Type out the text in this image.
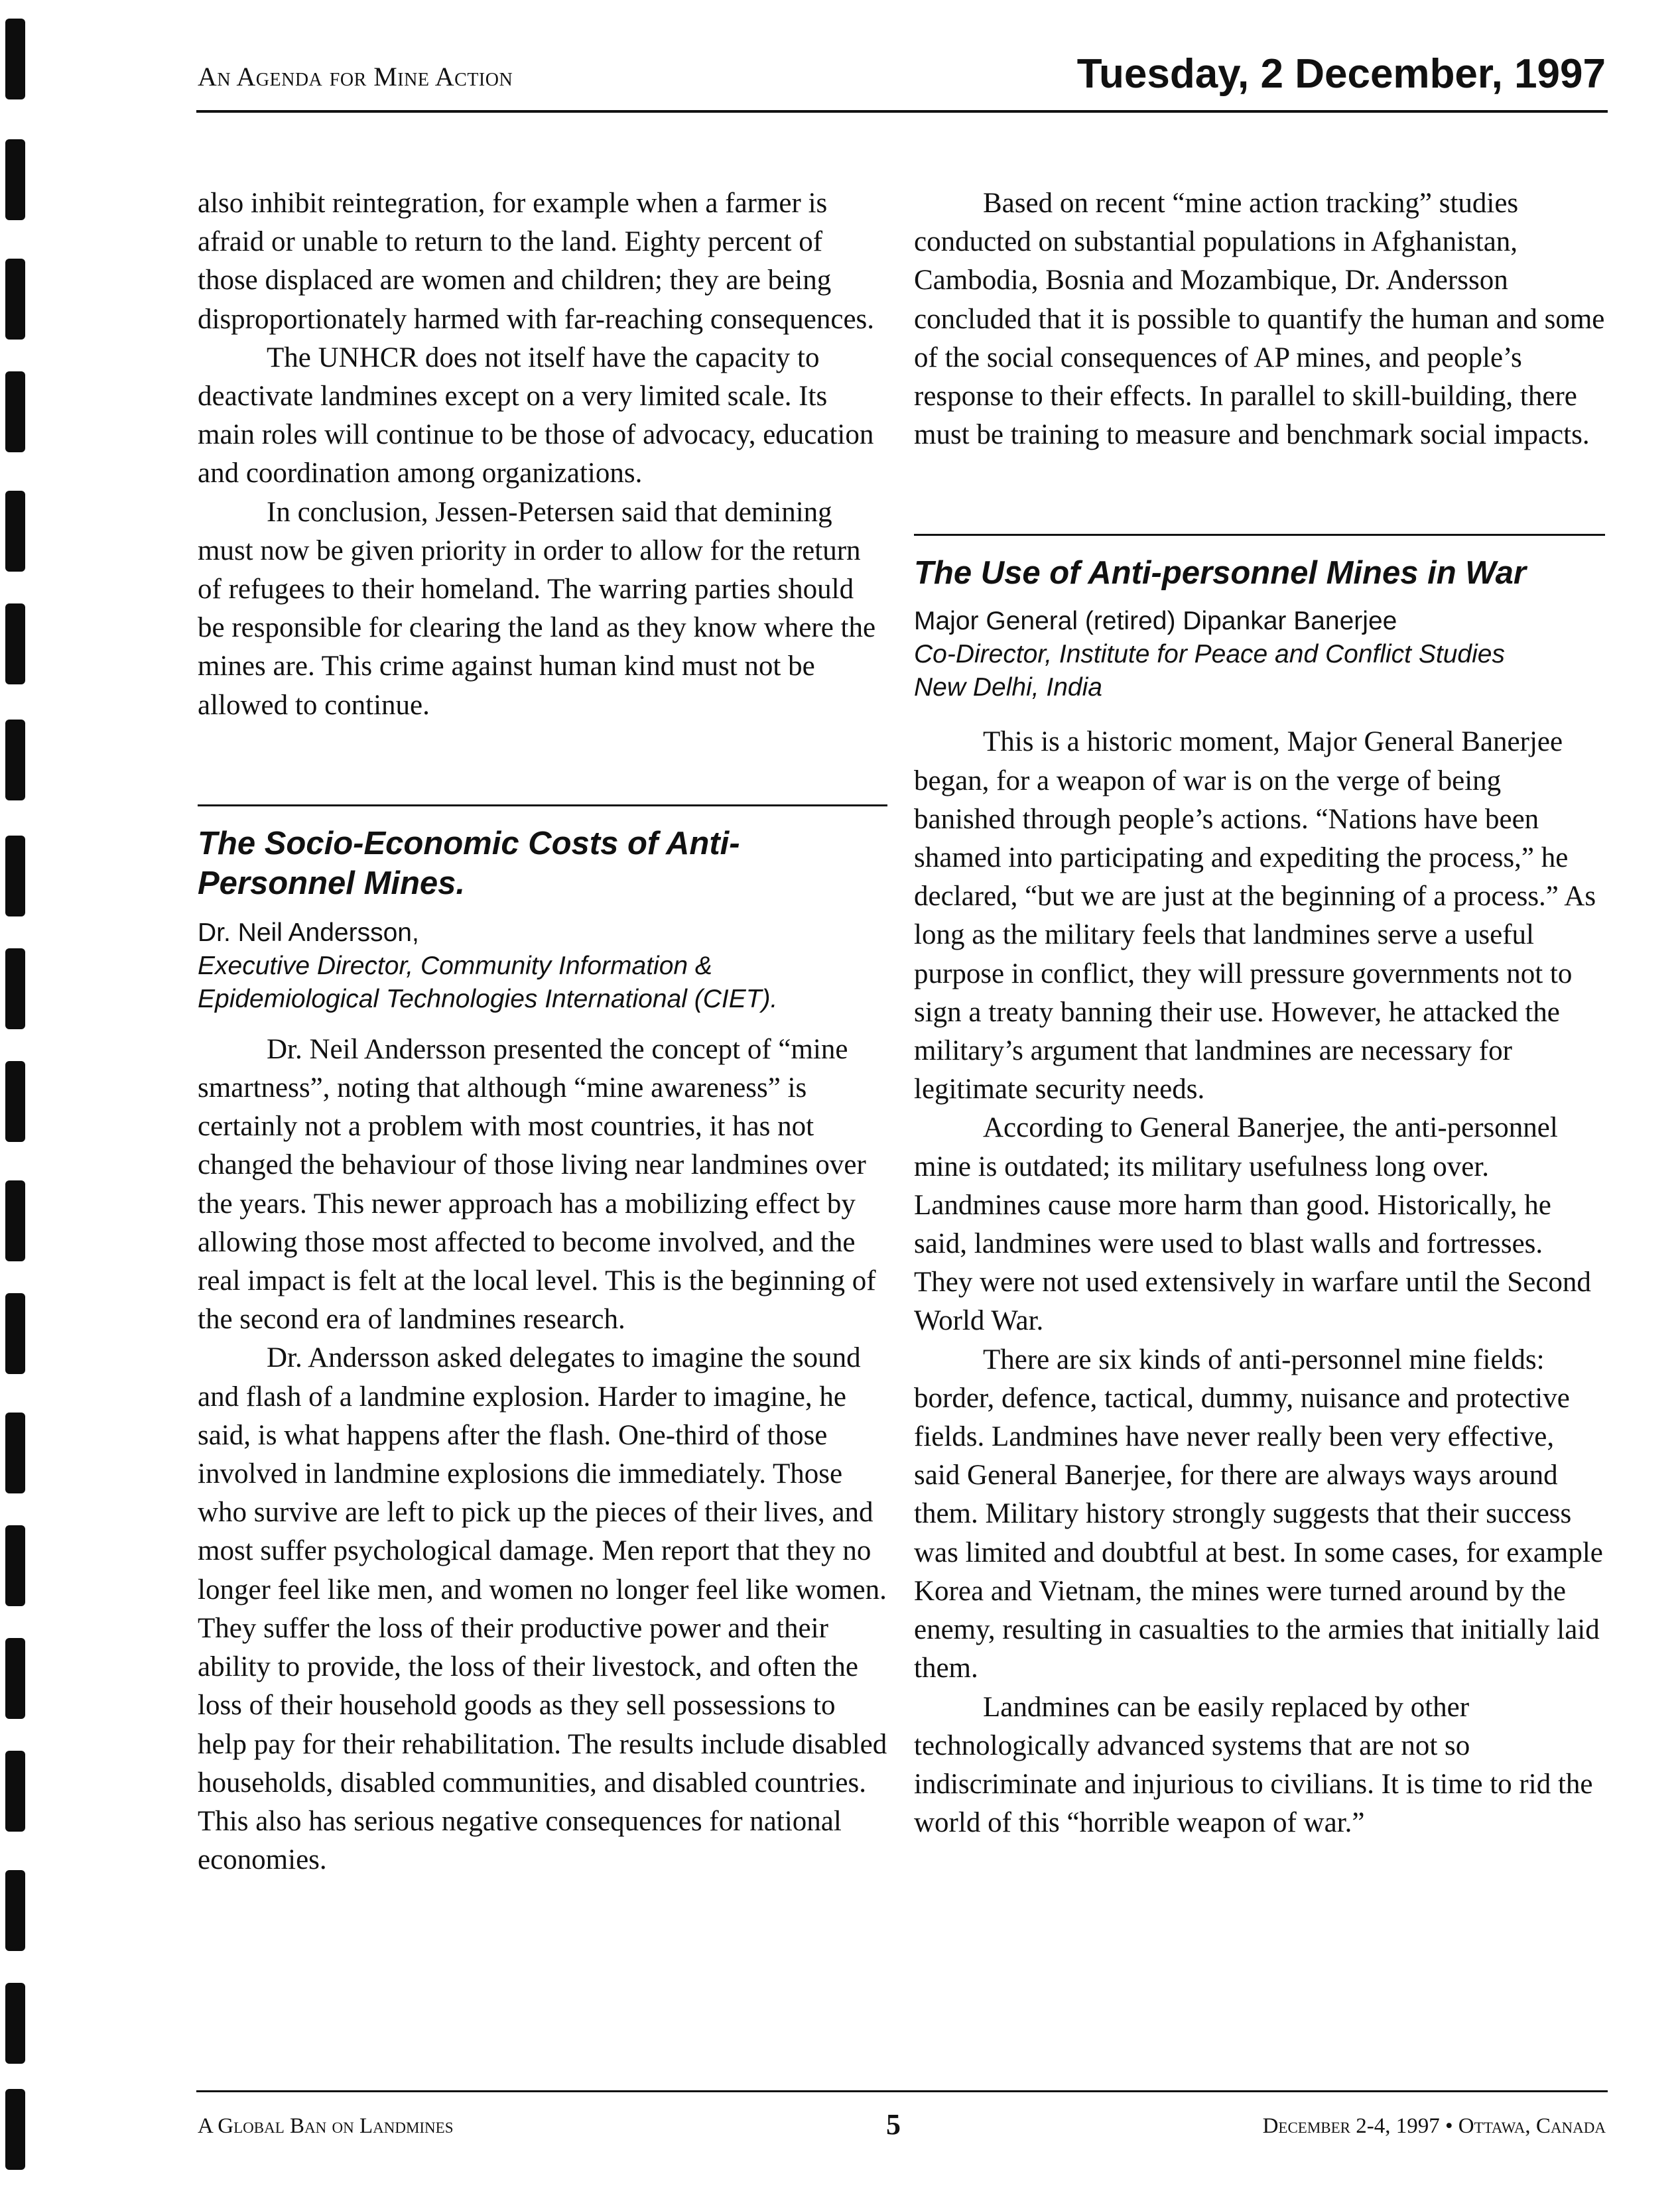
An Agenda for Mine Action	Tuesday, 2 December, 1997

also inhibit reintegration, for example when a farmer is afraid or unable to return to the land. Eighty percent of those displaced are women and children; they are being disproportionately harmed with far-reaching consequences.

The UNHCR does not itself have the capacity to deactivate landmines except on a very limited scale. Its main roles will continue to be those of advocacy, education and coordination among organizations.

In conclusion, Jessen-Petersen said that demining must now be given priority in order to allow for the return of refugees to their homeland. The warring parties should be responsible for clearing the land as they know where the mines are. This crime against human kind must not be allowed to continue.

The Socio-Economic Costs of Anti-Personnel Mines.

Dr. Neil Andersson,

Executive Director, Community Information &

Epidemiological Technologies International (CIET).

Dr. Neil Andersson presented the concept of “mine smartness”, noting that although “mine awareness” is certainly not a problem with most countries, it has not changed the behaviour of those living near landmines over the years. This newer approach has a mobilizing effect by allowing those most affected to become involved, and the real impact is felt at the local level. This is the beginning of the second era of landmines research.

Dr. Andersson asked delegates to imagine the sound and flash of a landmine explosion. Harder to imagine, he said, is what happens after the flash. One-third of those involved in landmine explosions die immediately. Those who survive are left to pick up the pieces of their lives, and most suffer psychological damage. Men report that they no longer feel like men, and women no longer feel like women. They suffer the loss of their productive power and their ability to provide, the loss of their livestock, and often the loss of their household goods as they sell possessions to help pay for their rehabilitation. The results include disabled households, disabled communities, and disabled countries. This also has serious negative consequences for national economies.

Based on recent “mine action tracking” studies conducted on substantial populations in Afghanistan, Cambodia, Bosnia and Mozambique, Dr. Andersson concluded that it is possible to quantify the human and some of the social consequences of AP mines, and people’s response to their effects. In parallel to skill-building, there must be training to measure and benchmark social impacts.

The Use of Anti-personnel Mines in War

Major General (retired) Dipankar Banerjee

Co-Director, Institute for Peace and Conflict Studies

New Delhi, India

This is a historic moment, Major General Banerjee began, for a weapon of war is on the verge of being banished through people’s actions. “Nations have been shamed into participating and expediting the process,” he declared, “but we are just at the beginning of a process.” As long as the military feels that landmines serve a useful purpose in conflict, they will pressure governments not to sign a treaty banning their use. However, he attacked the military’s argument that landmines are necessary for legitimate security needs.

According to General Banerjee, the anti-personnel mine is outdated; its military usefulness long over. Landmines cause more harm than good. Historically, he said, landmines were used to blast walls and fortresses. They were not used extensively in warfare until the Second World War.

There are six kinds of anti-personnel mine fields: border, defence, tactical, dummy, nuisance and protective fields. Landmines have never really been very effective, said General Banerjee, for there are always ways around them. Military history strongly suggests that their success was limited and doubtful at best. In some cases, for example Korea and Vietnam, the mines were turned around by the enemy, resulting in casualties to the armies that initially laid them.

Landmines can be easily replaced by other technologically advanced systems that are not so indiscriminate and injurious to civilians. It is time to rid the world of this “horrible weapon of war.”

A Global Ban on Landmines	5	December 2-4, 1997 • Ottawa, Canada
